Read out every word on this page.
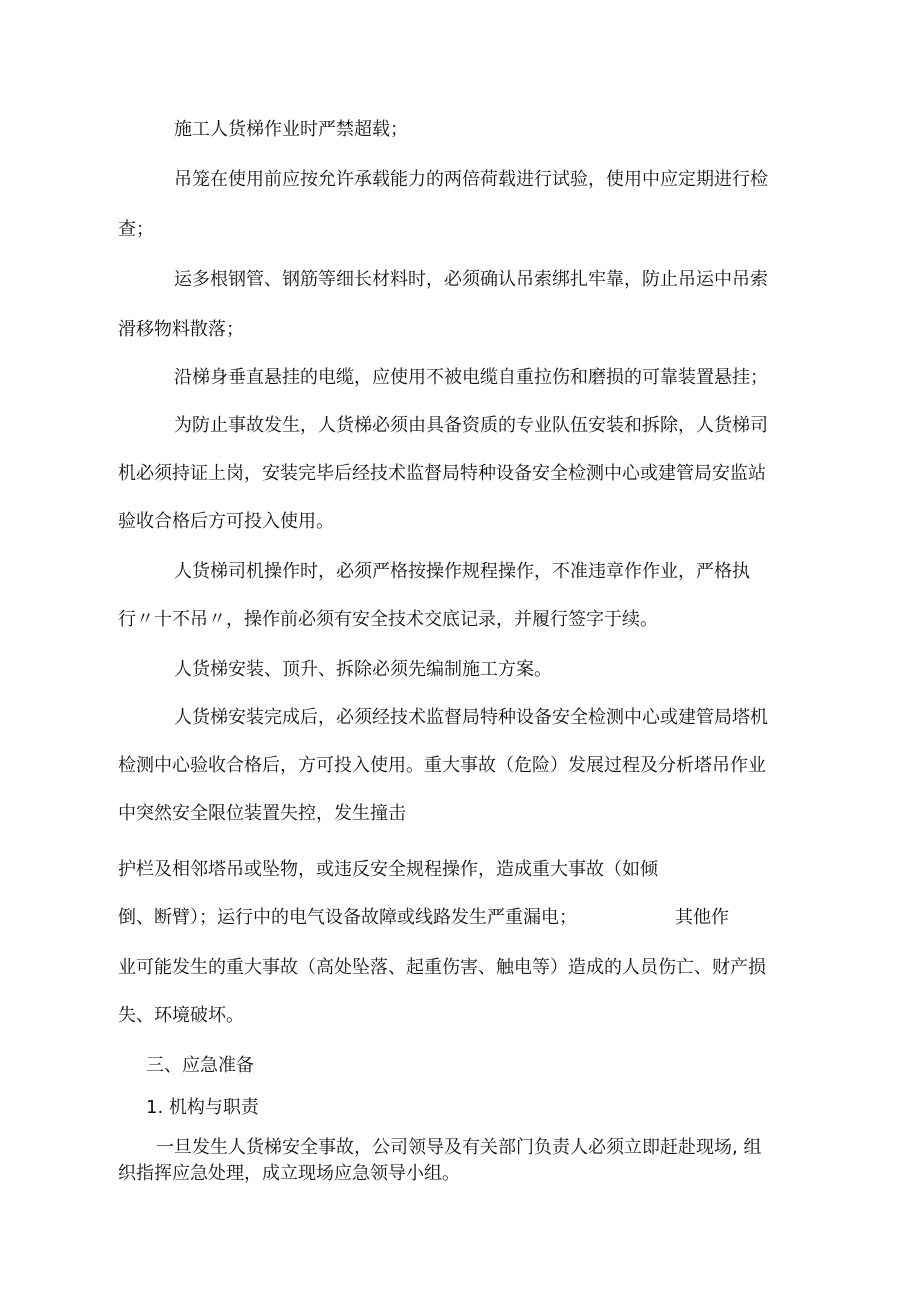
施工人货梯作业时严禁超载；

吊笼在使用前应按允许承载能力的两倍荷载进行试验，使用中应定期进行检

查；

运多根钢管、钢筋等细长材料时，必须确认吊索绑扎牢靠，防止吊运中吊索

滑移物料散落；

沿梯身垂直悬挂的电缆，应使用不被电缆自重拉伤和磨损的可靠装置悬挂；

为防止事故发生，人货梯必须由具备资质的专业队伍安装和拆除，人货梯司

机必须持证上岗，安装完毕后经技术监督局特种设备安全检测中心或建管局安监站

验收合格后方可投入使用。

人货梯司机操作时，必须严格按操作规程操作，不准违章作作业，严格执

行〃十不吊〃，操作前必须有安全技术交底记录，并履行签字于续。

人货梯安装、顶升、拆除必须先编制施工方案。

人货梯安装完成后，必须经技术监督局特种设备安全检测中心或建管局塔机

检测中心验收合格后，方可投入使用。重大事故（危险）发展过程及分析塔吊作业

中突然安全限位装置失控，发生撞击

护栏及相邻塔吊或坠物，或违反安全规程操作，造成重大事故（如倾

倒、断臂）；运行中的电气设备故障或线路发生严重漏电；	其他作

业可能发生的重大事故（高处坠落、起重伤害、触电等）造成的人员伤亡、财产损

失、环境破坏。

三、应急准备

1. 机构与职责

一旦发生人货梯安全事故，公司领导及有关部门负责人必须立即赶赴现场, 组

织指挥应急处理，成立现场应急领导小组。
